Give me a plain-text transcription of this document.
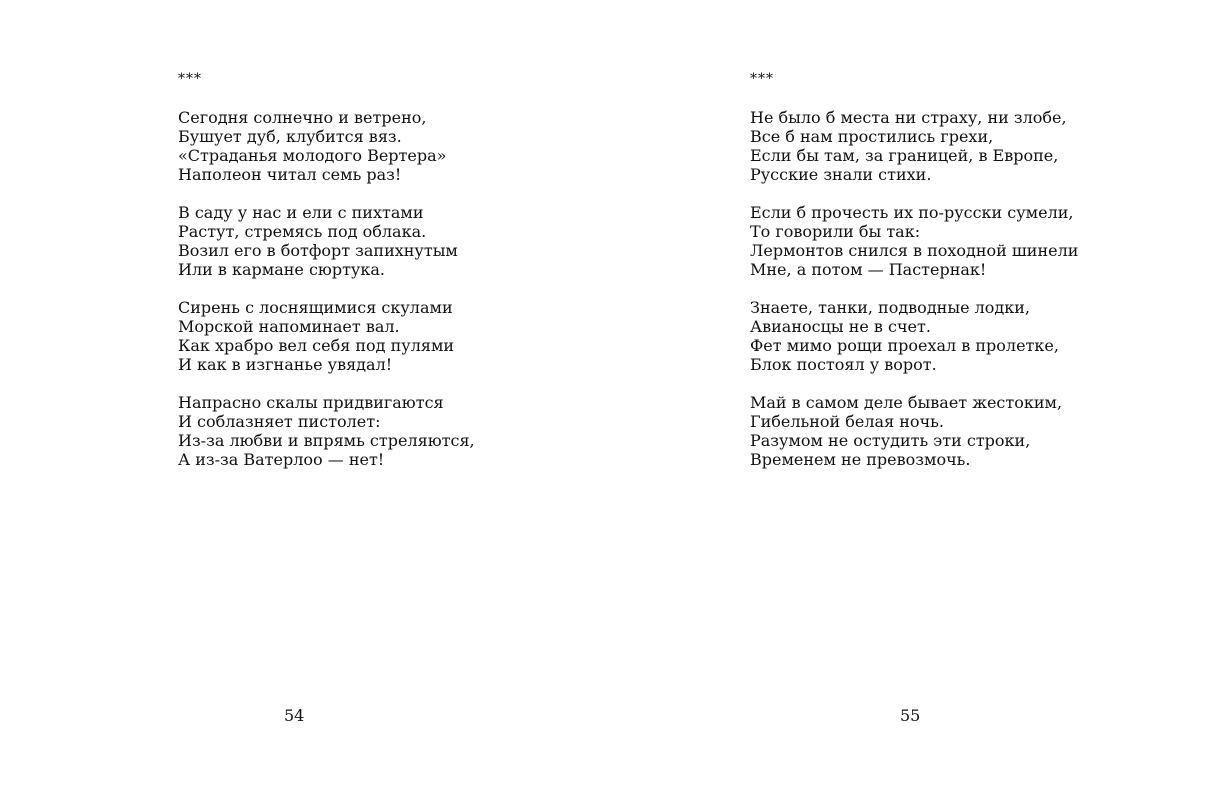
***
Сегодня солнечно и ветрено,
Бушует дуб, клубится вяз.
«Страданья молодого Вертера»
Наполеон читал семь раз!
В саду у нас и ели с пихтами
Растут, стремясь под облака.
Возил его в ботфорт запихнутым
Или в кармане сюртука.
Сирень с лоснящимися скулами
Морской напоминает вал.
Как храбро вел себя под пулями
И как в изгнанье увядал!
Напрасно скалы придвигаются
И соблазняет пистолет:
Из-за любви и впрямь стреляются,
А из-за Ватерлоо — нет!
54
***
Не было б места ни страху, ни злобе,
Все б нам простились грехи,
Если бы там, за границей, в Европе,
Русские знали стихи.
Если б прочесть их по-русски сумели,
То говорили бы так:
Лермонтов снился в походной шинели
Мне, а потом — Пастернак!
Знаете, танки, подводные лодки,
Авианосцы не в счет.
Фет мимо рощи проехал в пролетке,
Блок постоял у ворот.
Май в самом деле бывает жестоким,
Гибельной белая ночь.
Разумом не остудить эти строки,
Временем не превозмочь.
55
